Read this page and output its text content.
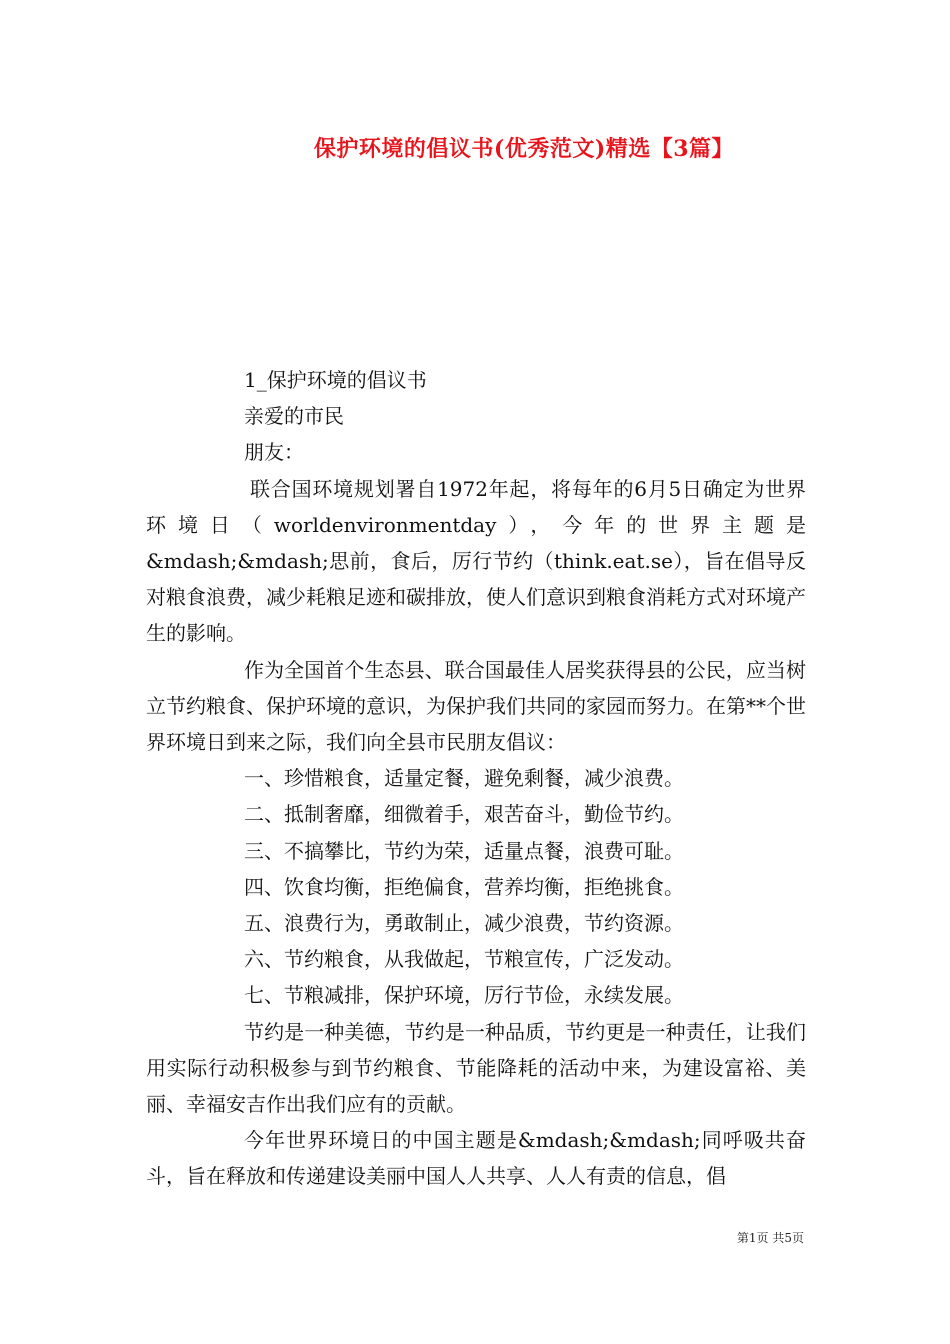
保护环境的倡议书(优秀范文)精选【3篇】

1_保护环境的倡议书

亲爱的市民

朋友：

联合国环境规划署自1972年起，将每年的6月5日确定为世界环境日（worldenvironmentday），今年的世界主题是&mdash;&mdash;思前，食后，厉行节约（think.eat.se），旨在倡导反对粮食浪费，减少耗粮足迹和碳排放，使人们意识到粮食消耗方式对环境产生的影响。

作为全国首个生态县、联合国最佳人居奖获得县的公民，应当树立节约粮食、保护环境的意识，为保护我们共同的家园而努力。在第**个世界环境日到来之际，我们向全县市民朋友倡议：

一、珍惜粮食，适量定餐，避免剩餐，减少浪费。

二、抵制奢靡，细微着手，艰苦奋斗，勤俭节约。

三、不搞攀比，节约为荣，适量点餐，浪费可耻。

四、饮食均衡，拒绝偏食，营养均衡，拒绝挑食。

五、浪费行为，勇敢制止，减少浪费，节约资源。

六、节约粮食，从我做起，节粮宣传，广泛发动。

七、节粮减排，保护环境，厉行节俭，永续发展。

节约是一种美德，节约是一种品质，节约更是一种责任，让我们用实际行动积极参与到节约粮食、节能降耗的活动中来，为建设富裕、美丽、幸福安吉作出我们应有的贡献。

今年世界环境日的中国主题是&mdash;&mdash;同呼吸共奋斗，旨在释放和传递建设美丽中国人人共享、人人有责的信息，倡

第1页 共5页
